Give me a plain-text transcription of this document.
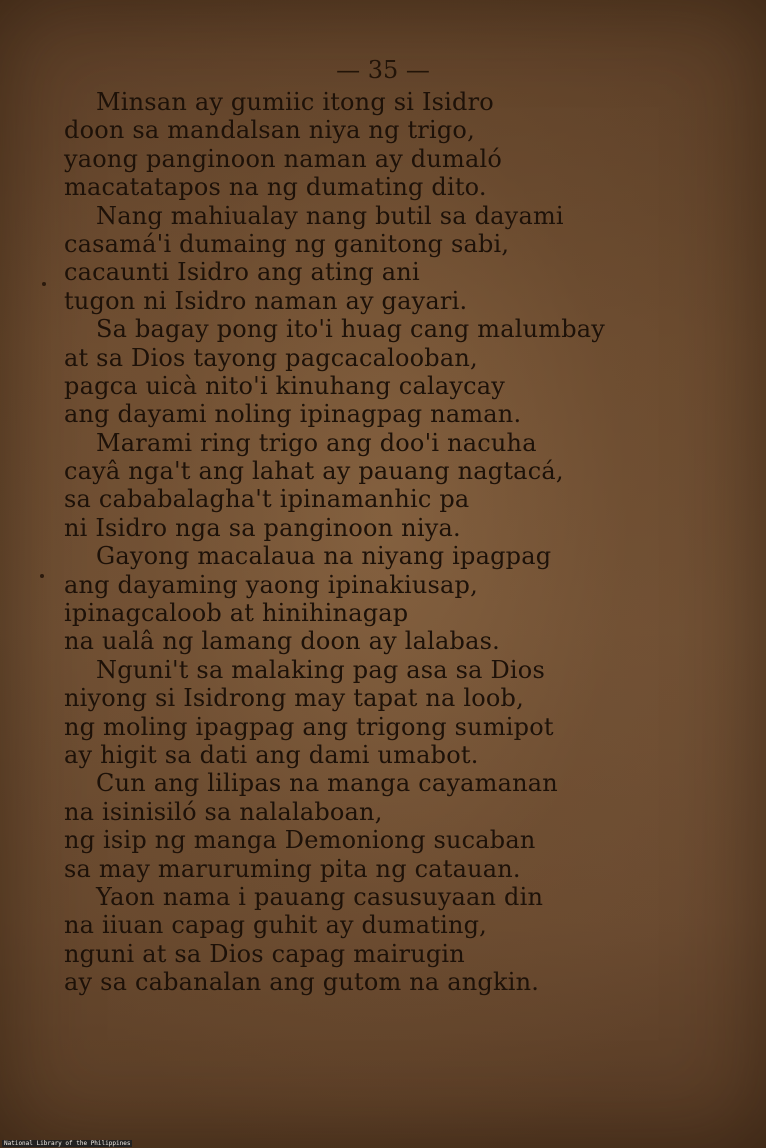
— 35 —
Minsan ay gumiic itong si Isidro
doon sa mandalsan niya ng trigo,
yaong panginoon naman ay dumaló
macatatapos na ng dumating dito.
Nang mahiualay nang butil sa dayami
casamá'i dumaing ng ganitong sabi,
cacaunti Isidro ang ating ani
tugon ni Isidro naman ay gayari.
Sa bagay pong ito'i huag cang malumbay
at sa Dios tayong pagcacalooban,
pagca uicà nito'i kinuhang calaycay
ang dayami noling ipinagpag naman.
Marami ring trigo ang doo'i nacuha
cayâ nga't ang lahat ay pauang nagtacá,
sa cababalagha't ipinamanhic pa
ni Isidro nga sa panginoon niya.
Gayong macalaua na niyang ipagpag
ang dayaming yaong ipinakiusap,
ipinagcaloob at hinihinagap
na ualâ ng lamang doon ay lalabas.
Nguni't sa malaking pag asa sa Dios
niyong si Isidrong may tapat na loob,
ng moling ipagpag ang trigong sumipot
ay higit sa dati ang dami umabot.
Cun ang lilipas na manga cayamanan
na isinisiló sa nalalaboan,
ng isip ng manga Demoniong sucaban
sa may maruruming pita ng catauan.
Yaon nama i pauang casusuyaan din
na iiuan capag guhit ay dumating,
nguni at sa Dios capag mairugin
ay sa cabanalan ang gutom na angkin.
National Library of the Philippines
